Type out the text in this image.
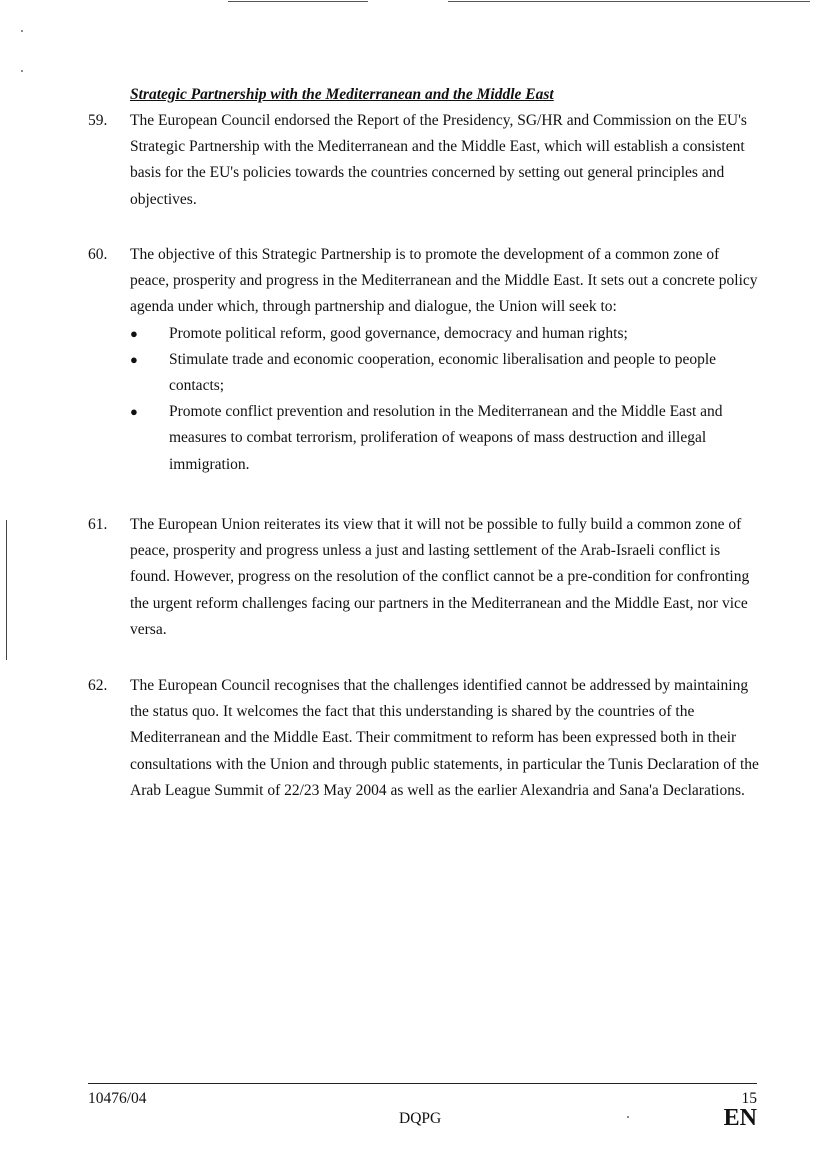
Strategic Partnership with the Mediterranean and the Middle East
59.	The European Council endorsed the Report of the Presidency, SG/HR and Commission on the EU's Strategic Partnership with the Mediterranean and the Middle East, which will establish a consistent basis for the EU's policies towards the countries concerned by setting out general principles and objectives.
60.	The objective of this Strategic Partnership is to promote the development of a common zone of peace, prosperity and progress in the Mediterranean and the Middle East. It sets out a concrete policy agenda under which, through partnership and dialogue, the Union will seek to:
● Promote political reform, good governance, democracy and human rights;
● Stimulate trade and economic cooperation, economic liberalisation and people to people contacts;
● Promote conflict prevention and resolution in the Mediterranean and the Middle East and measures to combat terrorism, proliferation of weapons of mass destruction and illegal immigration.
61.	The European Union reiterates its view that it will not be possible to fully build a common zone of peace, prosperity and progress unless a just and lasting settlement of the Arab-Israeli conflict is found. However, progress on the resolution of the conflict cannot be a pre-condition for confronting the urgent reform challenges facing our partners in the Mediterranean and the Middle East, nor vice versa.
62.	The European Council recognises that the challenges identified cannot be addressed by maintaining the status quo. It welcomes the fact that this understanding is shared by the countries of the Mediterranean and the Middle East. Their commitment to reform has been expressed both in their consultations with the Union and through public statements, in particular the Tunis Declaration of the Arab League Summit of 22/23 May 2004 as well as the earlier Alexandria and Sana'a Declarations.
10476/04
DQPG
15
EN
